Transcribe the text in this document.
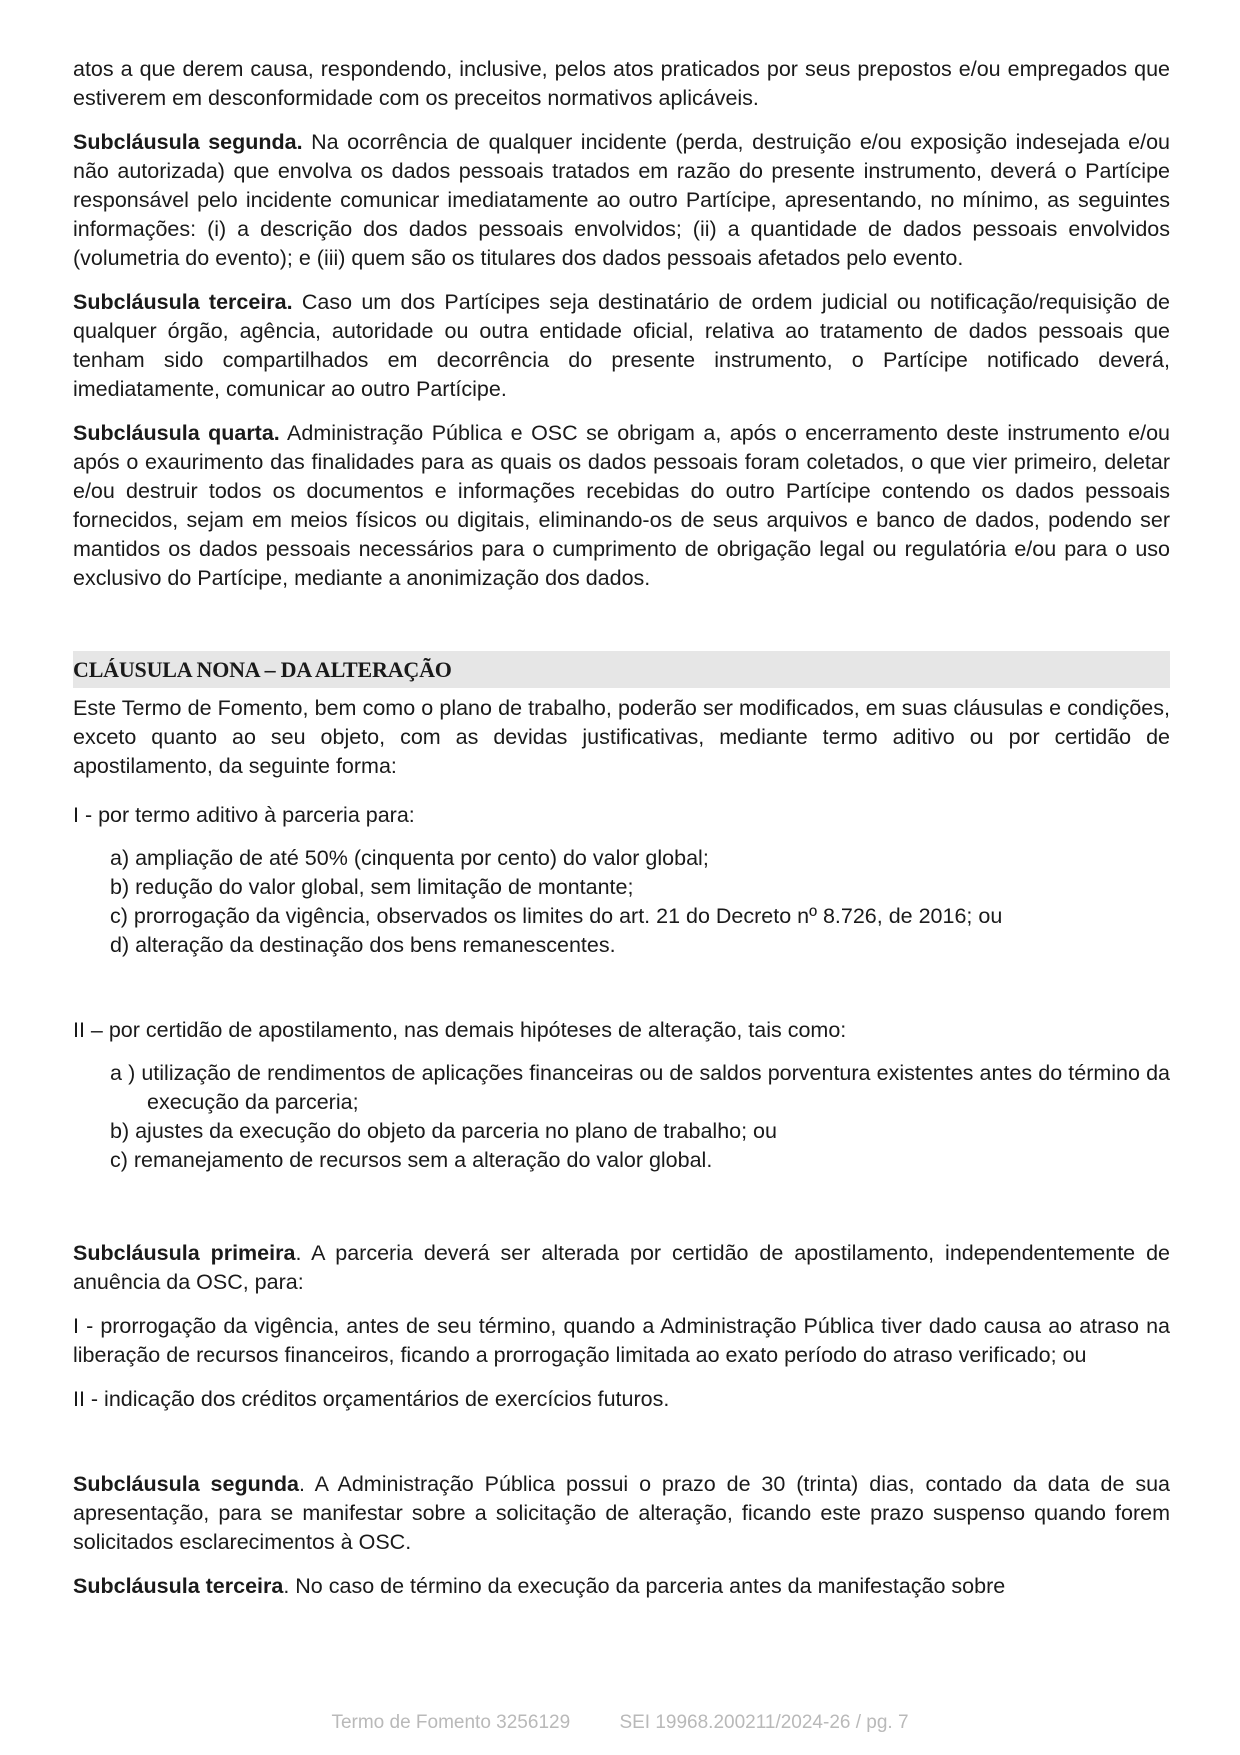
atos a que derem causa, respondendo, inclusive, pelos atos praticados por seus prepostos e/ou empregados que estiverem em desconformidade com os preceitos normativos aplicáveis.

Subcláusula segunda. Na ocorrência de qualquer incidente (perda, destruição e/ou exposição indesejada e/ou não autorizada) que envolva os dados pessoais tratados em razão do presente instrumento, deverá o Partícipe responsável pelo incidente comunicar imediatamente ao outro Partícipe, apresentando, no mínimo, as seguintes informações: (i) a descrição dos dados pessoais envolvidos; (ii) a quantidade de dados pessoais envolvidos (volumetria do evento); e (iii) quem são os titulares dos dados pessoais afetados pelo evento.

Subcláusula terceira. Caso um dos Partícipes seja destinatário de ordem judicial ou notificação/requisição de qualquer órgão, agência, autoridade ou outra entidade oficial, relativa ao tratamento de dados pessoais que tenham sido compartilhados em decorrência do presente instrumento, o Partícipe notificado deverá, imediatamente, comunicar ao outro Partícipe.

Subcláusula quarta. Administração Pública e OSC se obrigam a, após o encerramento deste instrumento e/ou após o exaurimento das finalidades para as quais os dados pessoais foram coletados, o que vier primeiro, deletar e/ou destruir todos os documentos e informações recebidas do outro Partícipe contendo os dados pessoais fornecidos, sejam em meios físicos ou digitais, eliminando-os de seus arquivos e banco de dados, podendo ser mantidos os dados pessoais necessários para o cumprimento de obrigação legal ou regulatória e/ou para o uso exclusivo do Partícipe, mediante a anonimização dos dados.

CLÁUSULA NONA – DA ALTERAÇÃO

Este Termo de Fomento, bem como o plano de trabalho, poderão ser modificados, em suas cláusulas e condições, exceto quanto ao seu objeto, com as devidas justificativas, mediante termo aditivo ou por certidão de apostilamento, da seguinte forma:

I - por termo aditivo à parceria para:

a) ampliação de até 50% (cinquenta por cento) do valor global;
b) redução do valor global, sem limitação de montante;
c) prorrogação da vigência, observados os limites do art. 21 do Decreto nº 8.726, de 2016; ou
d) alteração da destinação dos bens remanescentes.

II – por certidão de apostilamento, nas demais hipóteses de alteração, tais como:

a ) utilização de rendimentos de aplicações financeiras ou de saldos porventura existentes antes do término da execução da parceria;
b) ajustes da execução do objeto da parceria no plano de trabalho; ou
c) remanejamento de recursos sem a alteração do valor global.

Subcláusula primeira. A parceria deverá ser alterada por certidão de apostilamento, independentemente de anuência da OSC, para:

I - prorrogação da vigência, antes de seu término, quando a Administração Pública tiver dado causa ao atraso na liberação de recursos financeiros, ficando a prorrogação limitada ao exato período do atraso verificado; ou

II - indicação dos créditos orçamentários de exercícios futuros.

Subcláusula segunda. A Administração Pública possui o prazo de 30 (trinta) dias, contado da data de sua apresentação, para se manifestar sobre a solicitação de alteração, ficando este prazo suspenso quando forem solicitados esclarecimentos à OSC.

Subcláusula terceira. No caso de término da execução da parceria antes da manifestação sobre

Termo de Fomento 3256129	SEI 19968.200211/2024-26 / pg. 7
